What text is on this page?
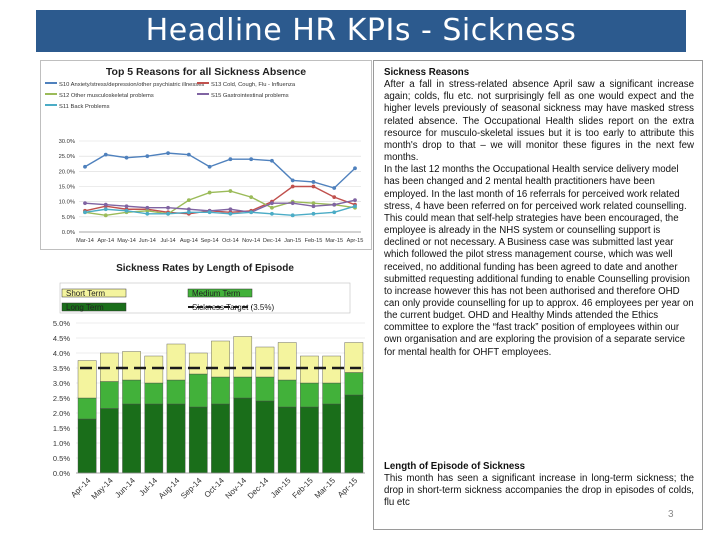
Headline HR KPIs - Sickness
Top 5 Reasons for all Sickness Absence
S10 Anxiety/stress/depression/other psychiatric illnesses S13 Cold, Cough, Flu - Influenza
S12 Other musculoskeletal problems	S15 Gastrointestinal problems
S11 Back Problems
0.0%
5.0%
10.0%
15.0%
20.0%
25.0%
30.0%
Mar-14 Apr-14 May-14 Jun-14 Jul-14 Aug-14 Sep-14 Oct-14 Nov-14 Dec-14 Jan-15 Feb-15 Mar-15 Apr-15
Sickness Rates by Length of Episode
Short Term	Medium Term
Long Term	Sickness Target (3.5%)
0.0%
0.5%
1.0%
1.5%
2.0%
2.5%
3.0%
3.5%
4.0%
4.5%
5.0%
Apr-14
May-14
Jun-14 Jul-14
Aug-14
Sep-14
Oct-14
Nov-14
Dec-14
Jan-15
Feb-15
Mar-15
Apr-15

Sickness Reasons

After a fall in stress-related absence April saw a significant increase again; colds, flu etc. not surprisingly fell as one would expect and the higher levels previously of seasonal sickness may have masked stress related absence. The Occupational Health slides report on the extra resource for musculo-skeletal issues but it is too early to attribute this month's drop to that – we will monitor these figures in the next few months.

In the last 12 months the Occupational Health service delivery model has been changed and 2 mental health practitioners have been employed. In the last month of 16 referrals for perceived work related stress, 4 have been referred on for perceived work related counselling. This could mean that self-help strategies have been encouraged, the employee is already in the NHS system or counselling support is declined or not necessary. A Business case was submitted last year which followed the pilot stress management course, which was well received, no additional funding has been agreed to date and another submitted requesting additional funding to enable Counselling provision to increase however this has not been authorised and therefore OHD can only provide counselling for up to approx. 46 employees per year on the current budget. OHD and Healthy Minds attended the Ethics committee to explore the “fast track” position of employees within our own organisation and are exploring the provision of a separate service for mental health for OHFT employees.

Length of Episode of Sickness

This month has seen a significant increase in long-term sickness; the drop in short-term sickness accompanies the drop in episodes of colds, flu etc

3
